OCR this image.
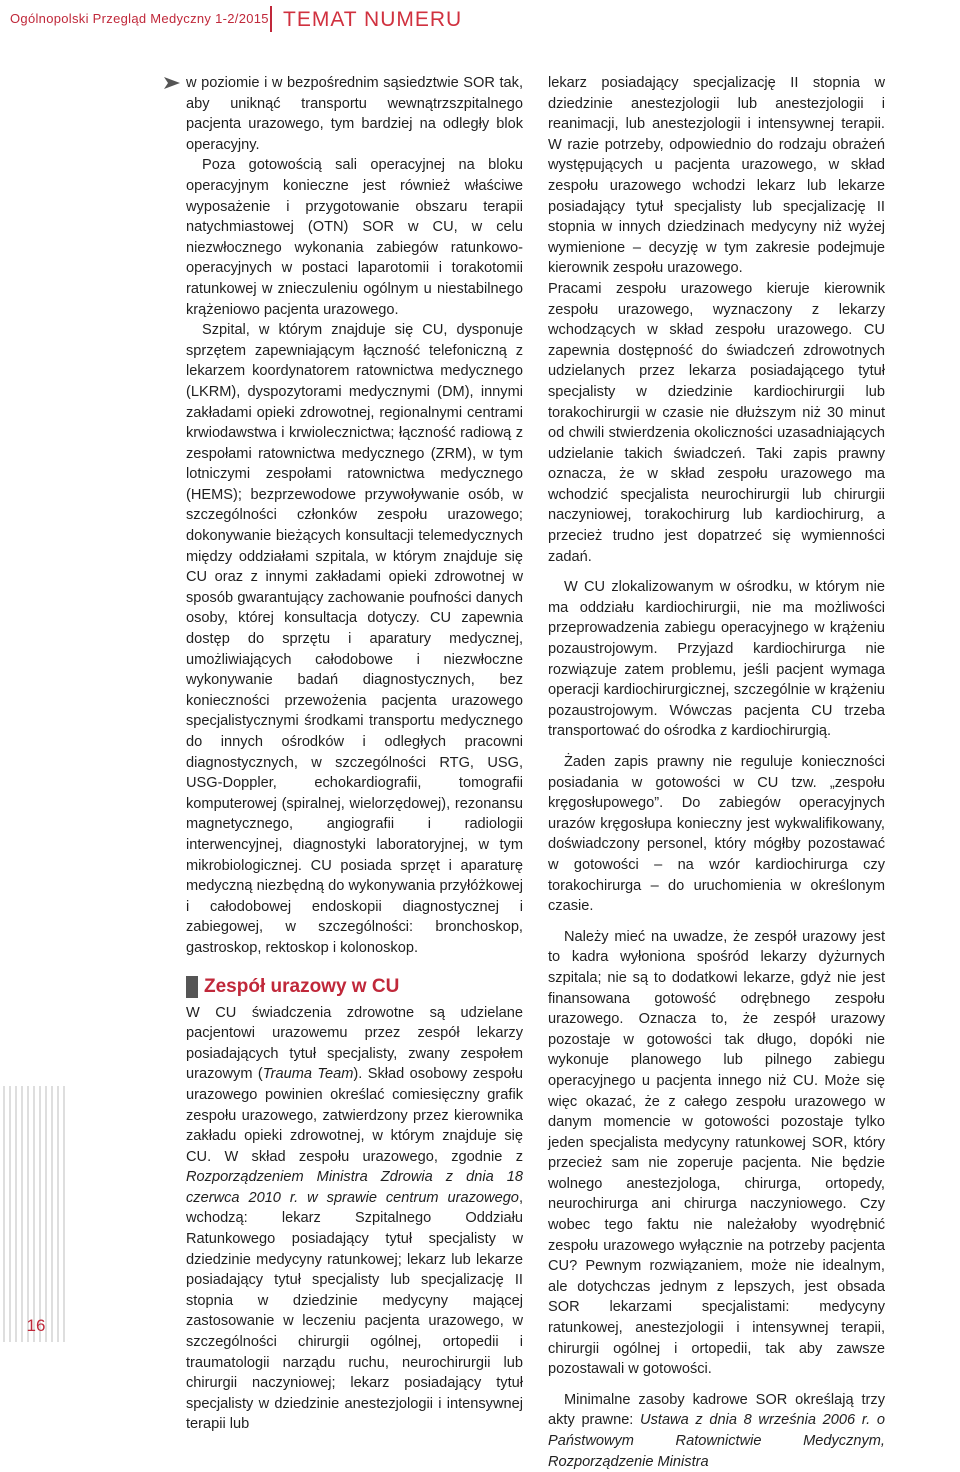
Ogólnopolski Przegląd Medyczny 1-2/2015 TEMAT NUMERU
16

w poziomie i w bezpośrednim sąsiedztwie SOR tak, aby uniknąć transportu wewnątrzszpitalnego pacjenta urazowego, tym bardziej na odległy blok operacyjny.

Poza gotowością sali operacyjnej na bloku operacyjnym konieczne jest również właściwe wyposażenie i przygotowanie obszaru terapii natychmiastowej (OTN) SOR w CU, w celu niezwłocznego wykonania zabiegów ratunkowo-operacyjnych w postaci laparotomii i torakotomii ratunkowej w znieczuleniu ogólnym u niestabilnego krążeniowo pacjenta urazowego.

Szpital, w którym znajduje się CU, dysponuje sprzętem zapewniającym łączność telefoniczną z lekarzem koordynatorem ratownictwa medycznego (LKRM), dyspozytorami medycznymi (DM), innymi zakładami opieki zdrowotnej, regionalnymi centrami krwiodawstwa i krwiolecznictwa; łączność radiową z zespołami ratownictwa medycznego (ZRM), w tym lotniczymi zespołami ratownictwa medycznego (HEMS); bezprzewodowe przywoływanie osób, w szczególności członków zespołu urazowego; dokonywanie bieżących konsultacji telemedycznych między oddziałami szpitala, w którym znajduje się CU oraz z innymi zakładami opieki zdrowotnej w sposób gwarantujący zachowanie poufności danych osoby, której konsultacja dotyczy. CU zapewnia dostęp do sprzętu i aparatury medycznej, umożliwiających całodobowe i niezwłoczne wykonywanie badań diagnostycznych, bez konieczności przewożenia pacjenta urazowego specjalistycznymi środkami transportu medycznego do innych ośrodków i odległych pracowni diagnostycznych, w szczególności RTG, USG, USG-Doppler, echokardiografii, tomografii komputerowej (spiralnej, wielorzędowej), rezonansu magnetycznego, angiografii i radiologii interwencyjnej, diagnostyki laboratoryjnej, w tym mikrobiologicznej. CU posiada sprzęt i aparaturę medyczną niezbędną do wykonywania przyłóżkowej i całodobowej endoskopii diagnostycznej i zabiegowej, w szczególności: bronchoskop, gastroskop, rektoskop i kolonoskop.

Zespół urazowy w CU

W CU świadczenia zdrowotne są udzielane pacjentowi urazowemu przez zespół lekarzy posiadających tytuł specjalisty, zwany zespołem urazowym (Trauma Team). Skład osobowy zespołu urazowego powinien określać comiesięczny grafik zespołu urazowego, zatwierdzony przez kierownika zakładu opieki zdrowotnej, w którym znajduje się CU. W skład zespołu urazowego, zgodnie z Rozporządzeniem Ministra Zdrowia z dnia 18 czerwca 2010 r. w sprawie centrum urazowego, wchodzą: lekarz Szpitalnego Oddziału Ratunkowego posiadający tytuł specjalisty w dziedzinie medycyny ratunkowej; lekarz lub lekarze posiadający tytuł specjalisty lub specjalizację II stopnia w dziedzinie medycyny mającej zastosowanie w leczeniu pacjenta urazowego, w szczególności chirurgii ogólnej, ortopedii i traumatologii narządu ruchu, neurochirurgii lub chirurgii naczyniowej; lekarz posiadający tytuł specjalisty w dziedzinie anestezjologii i intensywnej terapii lub

lekarz posiadający specjalizację II stopnia w dziedzinie anestezjologii lub anestezjologii i reanimacji, lub anestezjologii i intensywnej terapii. W razie potrzeby, odpowiednio do rodzaju obrażeń występujących u pacjenta urazowego, w skład zespołu urazowego wchodzi lekarz lub lekarze posiadający tytuł specjalisty lub specjalizację II stopnia w innych dziedzinach medycyny niż wyżej wymienione – decyzję w tym zakresie podejmuje kierownik zespołu urazowego.

Pracami zespołu urazowego kieruje kierownik zespołu urazowego, wyznaczony z lekarzy wchodzących w skład zespołu urazowego. CU zapewnia dostępność do świadczeń zdrowotnych udzielanych przez lekarza posiadającego tytuł specjalisty w dziedzinie kardiochirurgii lub torakochirurgii w czasie nie dłuższym niż 30 minut od chwili stwierdzenia okoliczności uzasadniających udzielanie takich świadczeń. Taki zapis prawny oznacza, że w skład zespołu urazowego ma wchodzić specjalista neurochirurgii lub chirurgii naczyniowej, torakochirurg lub kardiochirurg, a przecież trudno jest dopatrzeć się wymienności zadań.

W CU zlokalizowanym w ośrodku, w którym nie ma oddziału kardiochirurgii, nie ma możliwości przeprowadzenia zabiegu operacyjnego w krążeniu pozaustrojowym. Przyjazd kardiochirurga nie rozwiązuje zatem problemu, jeśli pacjent wymaga operacji kardiochirurgicznej, szczególnie w krążeniu pozaustrojowym. Wówczas pacjenta CU trzeba transportować do ośrodka z kardiochirurgią.

Żaden zapis prawny nie reguluje konieczności posiadania w gotowości w CU tzw. „zespołu kręgosłupowego”. Do zabiegów operacyjnych urazów kręgosłupa konieczny jest wykwalifikowany, doświadczony personel, który mógłby pozostawać w gotowości – na wzór kardiochirurga czy torakochirurga – do uruchomienia w określonym czasie.

Należy mieć na uwadze, że zespół urazowy jest to kadra wyłoniona spośród lekarzy dyżurnych szpitala; nie są to dodatkowi lekarze, gdyż nie jest finansowana gotowość odrębnego zespołu urazowego. Oznacza to, że zespół urazowy pozostaje w gotowości tak długo, dopóki nie wykonuje planowego lub pilnego zabiegu operacyjnego u pacjenta innego niż CU. Może się więc okazać, że z całego zespołu urazowego w danym momencie w gotowości pozostaje tylko jeden specjalista medycyny ratunkowej SOR, który przecież sam nie zoperuje pacjenta. Nie będzie wolnego anestezjologa, chirurga, ortopedy, neurochirurga ani chirurga naczyniowego. Czy wobec tego faktu nie należałoby wyodrębnić zespołu urazowego wyłącznie na potrzeby pacjenta CU? Pewnym rozwiązaniem, może nie idealnym, ale dotychczas jednym z lepszych, jest obsada SOR lekarzami specjalistami: medycyny ratunkowej, anestezjologii i intensywnej terapii, chirurgii ogólnej i ortopedii, tak aby zawsze pozostawali w gotowości.

Minimalne zasoby kadrowe SOR określają trzy akty prawne: Ustawa z dnia 8 września 2006 r. o Państwowym Ratownictwie Medycznym, Rozporządzenie Ministra
